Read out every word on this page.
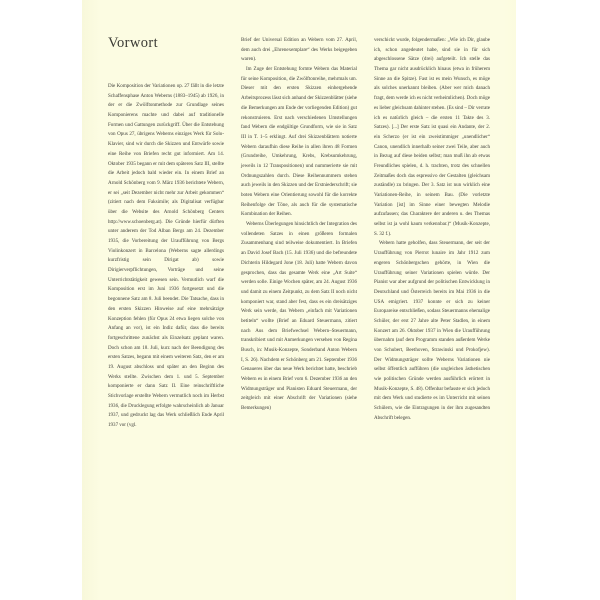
Vorwort

Die Komposition der Variationen op. 27 fällt in die letzte Schaffensphase Anton Weberns (1883–1945) ab 1926, in der er die Zwölftonmethode zur Grundlage seines Komponierens machte und dabei auf traditionelle Formen und Gattungen zurückgriff. Über die Entstehung von Opus 27, übrigens Weberns einziges Werk für Solo-Klavier, sind wir durch die Skizzen und Entwürfe sowie eine Reihe von Briefen recht gut informiert. Am 14. Oktober 1935 begann er mit dem späteren Satz III, stellte die Arbeit jedoch bald wieder ein. In einem Brief an Arnold Schönberg vom 9. März 1936 berichtete Webern, er sei „seit Dezember nicht mehr zur Arbeit gekommen“ (zitiert nach dem Faksimile; als Digitalisat verfügbar über die Website des Arnold Schönberg Centers http://www.schoenberg.at). Die Gründe hierfür dürften unter anderem der Tod Alban Bergs am 24. Dezember 1935, die Vorbereitung der Uraufführung von Bergs Violinkonzert in Barcelona (Weberns sagte allerdings kurzfristig sein Dirigat ab) sowie Dirigierverpflichtungen, Vorträge und seine Unterrichtstätigkeit gewesen sein. Vermutlich warf die Komposition erst im Juni 1936 fortgesetzt und die begonnene Satz am 8. Juli beendet. Die Tatsache, dass in den ersten Skizzen Hinweise auf eine mehrsätzige Konzeption fehlen (für Opus 24 etwa liegen solche von Anfang an vor), ist ein Indiz dafür, dass die bereits fortgeschrittene zunächst als Einzelsatz geplant waren. Doch schon am 18. Juli, kurz nach der Beendigung des ersten Satzes, begann mit einem weiteren Satz, den er am 19. August abschloss und später an den Beginn des Werks stellte. Zwischen dem 1. und 5. September komponierte er dann Satz II. Eine reinschriftliche Stichvorlage erstellte Webern vermutlich noch im Herbst 1936, die Drucklegung erfolgte wahrscheinlich ab Januar 1937, und gedruckt lag das Werk schließlich Ende April 1937 vor (vgl.

Brief der Universal Edition an Webern vom 27. April, dem auch drei „Ehrenexemplare“ des Werks beigegeben waren).

Im Zuge der Entstehung formte Webern das Material für seine Komposition, die Zwölftonreihe, mehrmals um. Dieser mit den ersten Skizzen einhergehende Arbeitsprozess lässt sich anhand der Skizzenblätter (siehe die Bemerkungen am Ende der vorliegenden Edition) gut rekonstruieren. Erst nach verschiedenen Umstellungen fand Webern die endgültige Grundform, wie sie in Satz III in T. 1–5 erklingt. Auf drei Skizzenblättern notierte Webern daraufhin diese Reihe in allen ihren 48 Formen (Grundreihe, Umkehrung, Krebs, Krebsumkehrung, jeweils in 12 Transpositionen) und nummerierte sie mit Ordnungszahlen durch. Diese Reihennummern stehen auch jeweils in den Skizzen und der Erstniederschrift; sie boten Webern eine Orientierung sowohl für die korrekte Reihenfolge der Töne, als auch für die systematische Kombination der Reihen.

Weberns Überlegungen hinsichtlich der Integration des vollendeten Satzes in einen größeren formalen Zusammenhang sind teilweise dokumentiert. In Briefen an David Josef Bach (15. Juli 1936) und die befreundete Dichterin Hildegard Jone (18. Juli) hatte Webern davon gesprochen, dass das gesamte Werk eine „Art Suite“ werden solle. Einige Wochen später, am 24. August 1936 und damit zu einem Zeitpunkt, zu dem Satz II noch nicht komponiert war, stand aber fest, dass es ein dreisätziges Werk sein werde, das Webern „einfach mit Variationen betiteln“ wollte (Brief an Eduard Steuermann, zitiert nach Aus dem Briefwechsel Webern–Steuermann, transkribiert und mit Anmerkungen versehen von Regina Busch, in: Musik-Konzepte, Sonderband Anton Webern I, S. 26). Nachdem er Schönberg am 21. September 1936 Genaueres über das neue Werk berichtet hatte, beschrieb Webern es in einem Brief vom 6. Dezember 1936 an den Widmungsträger und Pianisten Eduard Steuermann, der zeitgleich mit einer Abschrift der Variationen (siehe Bemerkungen)

verschickt wurde, folgendermaßen: „Wie ich Dir, glaube ich, schon angedeutet habe, sind sie in für sich abgeschlossene Sätze (drei) aufgeteilt. Ich stelle das Thema gar nicht ausdrücklich hinaus (etwa in früherem Sinne an die Spitze). Fast ist es mein Wunsch, es möge als solches unerkannt bleiben. (Aber wer mich danach fragt, dem werde ich es nicht verheimlichen). Doch möge es lieber gleichsam dahinter stehen. (Es sind – Dir verrate ich es natürlich gleich – die ersten 11 Takte des 3. Satzes). [...] Der erste Satz ist quasi ein Andante, der 2. ein Scherzo (er ist ein zweistimmiger „unendlicher“ Canon, unendlich innerhalb seiner zwei Teile, aber auch in Bezug auf diese beiden selbst; man muß ihn ab etwas Freundliches spielen, d. h. trachten, trotz des schnellen Zeitmaßes doch das espressivo der Gestalten (gleichsam zuständle) zu bringen. Der 3. Satz ist nun wirklich eine Variationen-Reihe, in seinem Bau. (Die vorletzte Variation [ist] im Sinne einer bewegten Melodie aufzufassen; das Charaktere der anderen u. des Themas selbst ist ja wohl kaum verkennbar.)“ (Musik-Konzepte, S. 32 f.).

Webern hatte geholfen, dass Steuermann, der seit der Uraufführung von Pierrot lunaire im Jahr 1912 zum engeren Schönbergschen gehörte, in Wien die Uraufführung seiner Variationen spielen würde. Der Pianist war aber aufgrund der politischen Entwicklung in Deutschland und Österreich bereits im Mai 1936 in die USA emigriert. 1937 konnte er sich zu keiner Europareise entschließen, sodass Steuermanns ehemalige Schüler, der erst 27 Jahre alte Peter Stadlen, in einem Konzert am 26. Oktober 1937 in Wien die Uraufführung übernahm (auf dem Programm standen außerdem Werke von Schubert, Beethoven, Strawinski und Prokofjew). Der Widmungsträger sollte Weberns Variationen nie selbst öffentlich aufführen (die ungleichen ästhetischen wie politischen Gründe werden ausführlich erörtert in Musik-Konzepte, S. 48). Offenbar befasste er sich jedoch mit dem Werk und studierte es im Unterricht mit seinen Schülern, wie die Eintragungen in der ihm zugesandten Abschrift belegen.
